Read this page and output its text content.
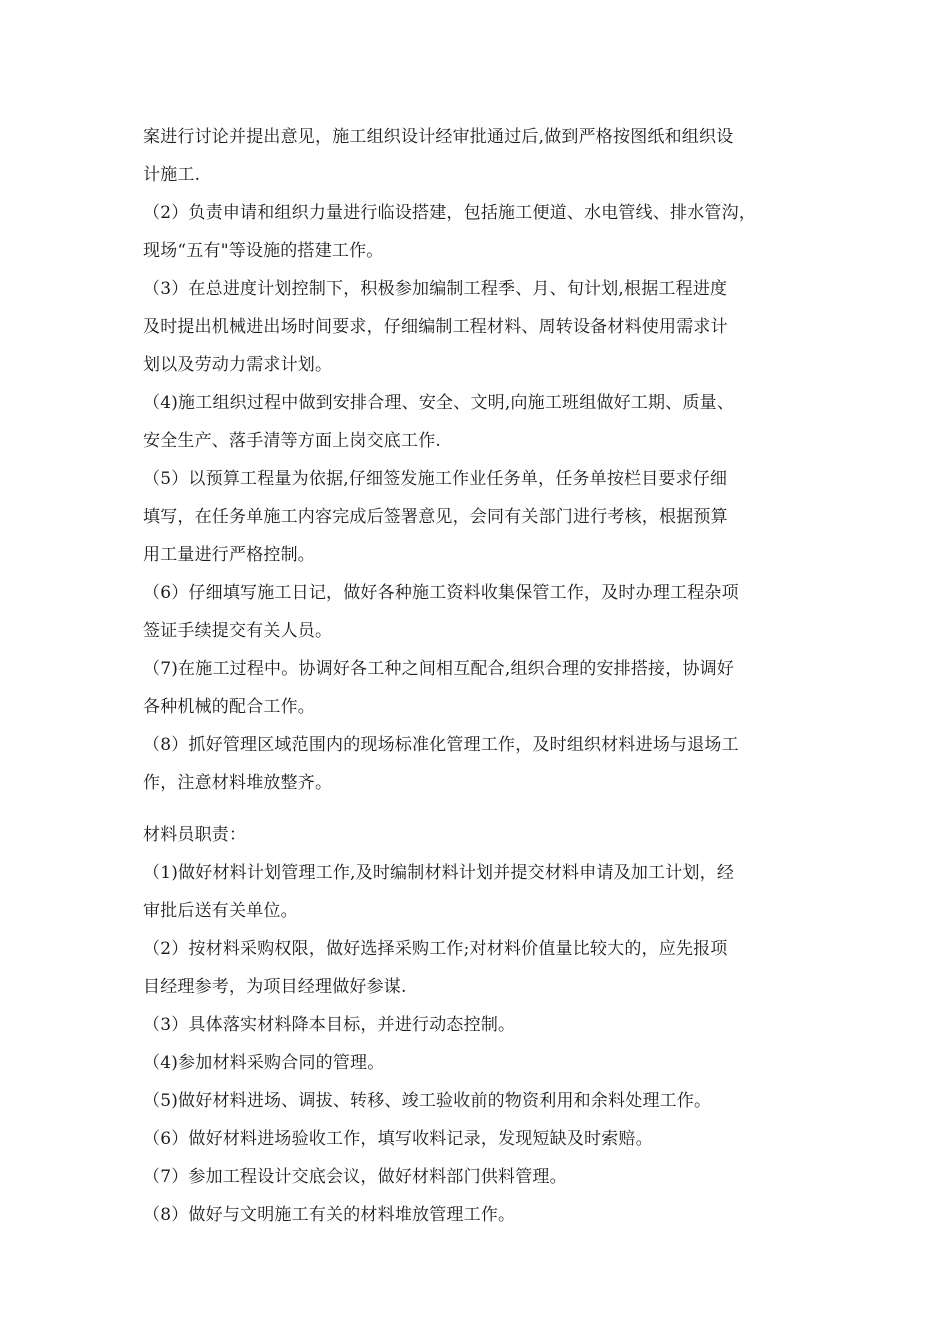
案进行讨论并提出意见，施工组织设计经审批通过后,做到严格按图纸和组织设
计施工.
（2）负责申请和组织力量进行临设搭建，包括施工便道、水电管线、排水管沟，
现场“五有"等设施的搭建工作。
（3）在总进度计划控制下，积极参加编制工程季、月、旬计划,根据工程进度
及时提出机械进出场时间要求，仔细编制工程材料、周转设备材料使用需求计
划以及劳动力需求计划。
（4)施工组织过程中做到安排合理、安全、文明,向施工班组做好工期、质量、
安全生产、落手清等方面上岗交底工作.
（5）以预算工程量为依据,仔细签发施工作业任务单，任务单按栏目要求仔细
填写，在任务单施工内容完成后签署意见，会同有关部门进行考核，根据预算
用工量进行严格控制。
（6）仔细填写施工日记，做好各种施工资料收集保管工作，及时办理工程杂项
签证手续提交有关人员。
（7)在施工过程中。协调好各工种之间相互配合,组织合理的安排搭接，协调好
各种机械的配合工作。
（8）抓好管理区域范围内的现场标准化管理工作，及时组织材料进场与退场工
作，注意材料堆放整齐。
材料员职责：
（1)做好材料计划管理工作,及时编制材料计划并提交材料申请及加工计划，经
审批后送有关单位。
（2）按材料采购权限，做好选择采购工作;对材料价值量比较大的，应先报项
目经理参考，为项目经理做好参谋.
（3）具体落实材料降本目标，并进行动态控制。
（4)参加材料采购合同的管理。
（5)做好材料进场、调拔、转移、竣工验收前的物资利用和余料处理工作。
（6）做好材料进场验收工作，填写收料记录，发现短缺及时索赔。
（7）参加工程设计交底会议，做好材料部门供料管理。
（8）做好与文明施工有关的材料堆放管理工作。
